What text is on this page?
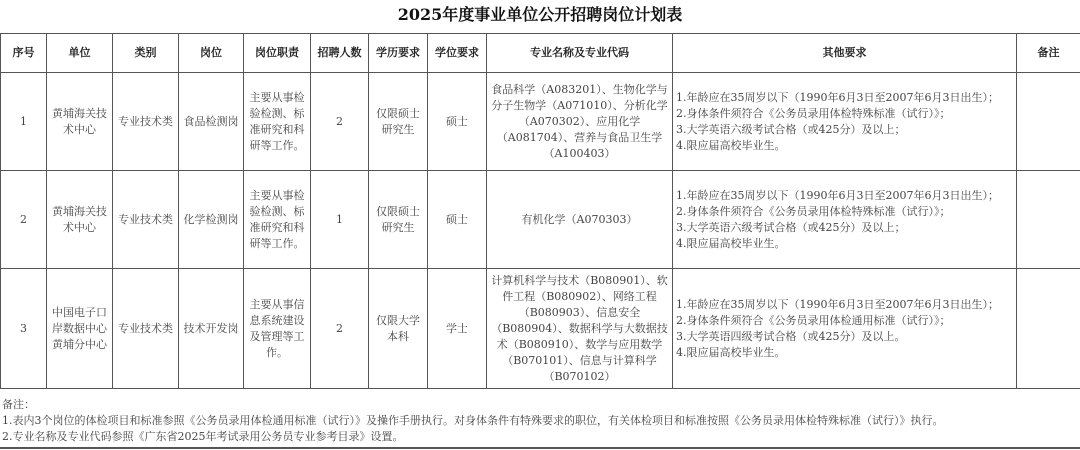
2025年度事业单位公开招聘岗位计划表
序号	单位	类别	岗位	岗位职责	招聘人数	学历要求	学位要求	专业名称及专业代码	其他要求	备注
1	黄埔海关技术中心	专业技术类	食品检测岗	主要从事检验检测、标准研究和科研等工作。	2	仅限硕士研究生	硕士	食品科学（A083201）、生物化学与分子生物学（A071010）、分析化学（A070302）、应用化学（A081704）、营养与食品卫生学（A100403）	1.年龄应在35周岁以下（1990年6月3日至2007年6月3日出生）；
2.身体条件须符合《公务员录用体检特殊标准（试行）》；
3.大学英语六级考试合格（或425分）及以上；
4.限应届高校毕业生。	

2	黄埔海关技术中心	专业技术类	化学检测岗	主要从事检验检测、标准研究和科研等工作。	1	仅限硕士研究生	硕士	有机化学（A070303）	1.年龄应在35周岁以下（1990年6月3日至2007年6月3日出生）；
2.身体条件须符合《公务员录用体检特殊标准（试行）》；
3.大学英语六级考试合格（或425分）及以上；
4.限应届高校毕业生。	

3	中国电子口岸数据中心黄埔分中心	专业技术类	技术开发岗	主要从事信息系统建设及管理等工作。	2	仅限大学本科	学士	计算机科学与技术（B080901）、软件工程（B080902）、网络工程（B080903）、信息安全（B080904）、数据科学与大数据技术（B080910）、数学与应用数学（B070101）、信息与计算科学（B070102）	1.年龄应在35周岁以下（1990年6月3日至2007年6月3日出生）；
2.身体条件须符合《公务员录用体检通用标准（试行）》；
3.大学英语四级考试合格（或425分）及以上。
4.限应届高校毕业生。	

备注：
1.表内3个岗位的体检项目和标准参照《公务员录用体检通用标准（试行）》及操作手册执行。对身体条件有特殊要求的职位，有关体检项目和标准按照《公务员录用体检特殊标准（试行）》执行。
2.专业名称及专业代码参照《广东省2025年考试录用公务员专业参考目录》设置。
